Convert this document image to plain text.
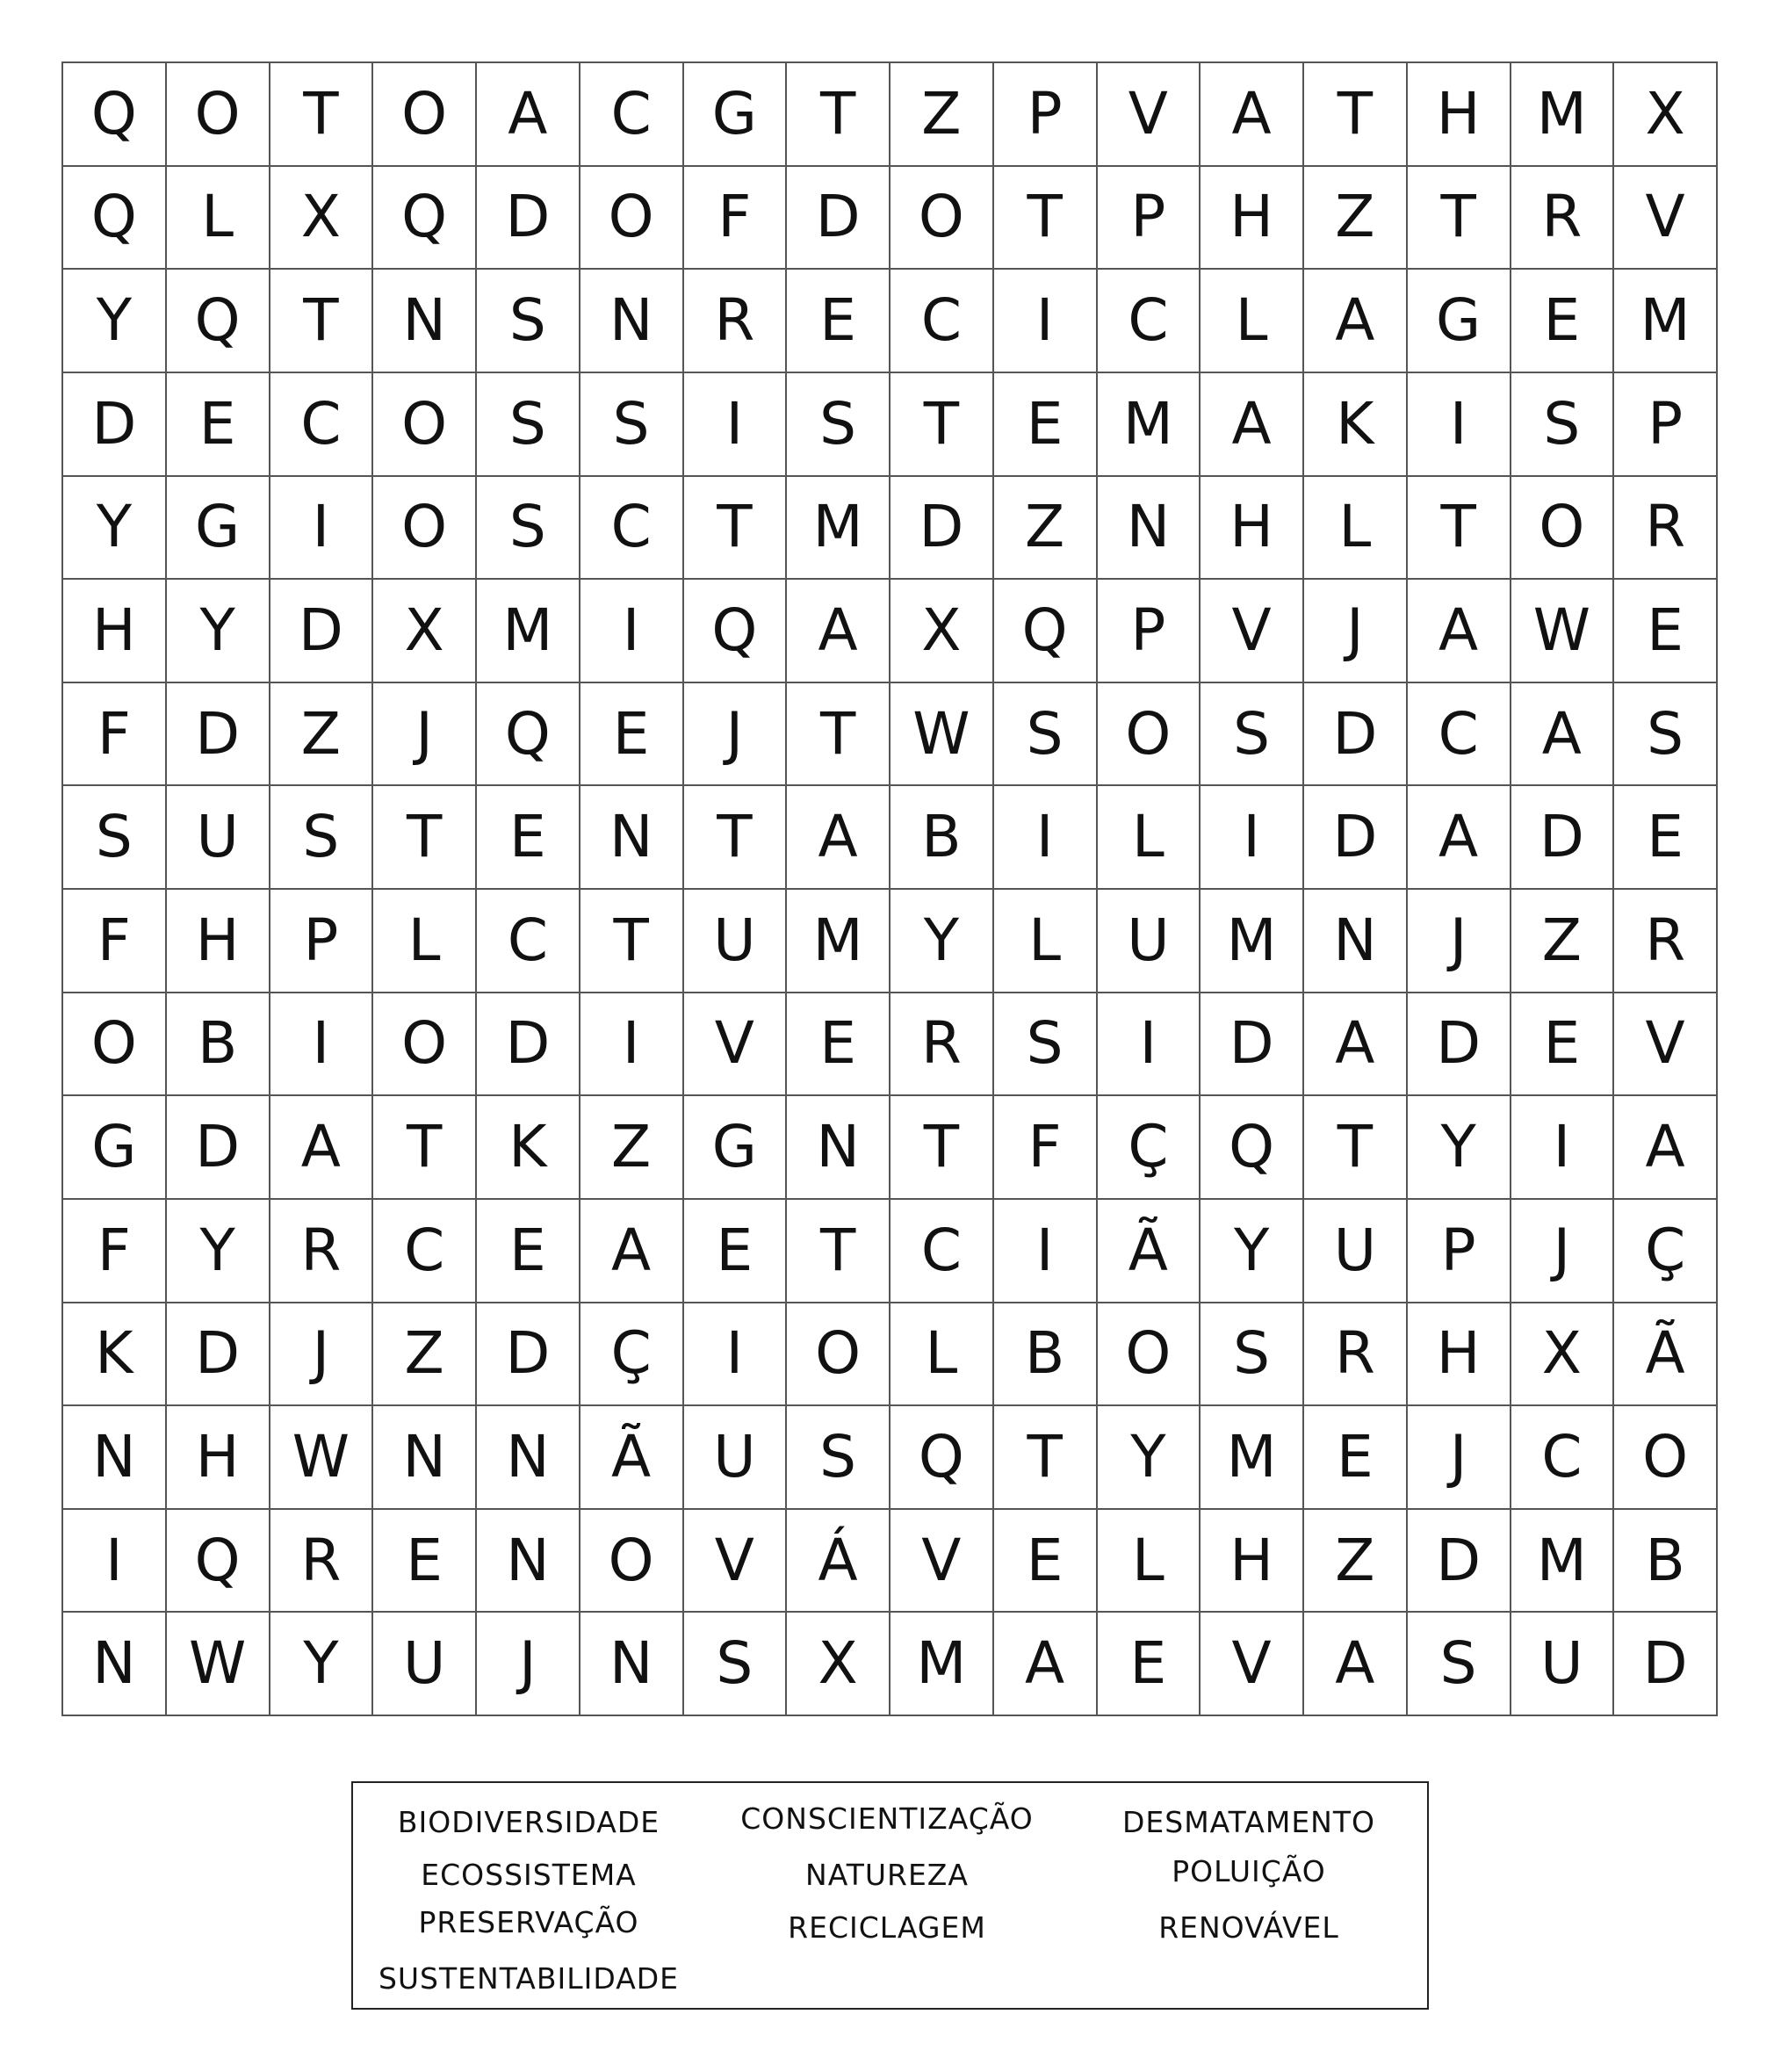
Q O	T	O	A	C	G	T	Z	P	V	A	T	H M	X
Q	L	X	Q	D	O	F	D	O	T	P	H	Z	T	R	V
Y	Q	T	N	S	N	R	E	C	I	C	L	A	G	E	M
D	E	C	O	S	S	I	S	T	E	M	A	K	I	S	P
Y	G	I	O	S	C	T	M D	Z	N	H	L	T	O	R
H	Y	D	X	M	I	Q	A	X	Q	P	V	J	A W E
F	D	Z	J	Q	E	J	T W S	O	S	D	C	A	S
S	U	S	T	E	N	T	A	B	I	L	I	D	A	D	E
F	H	P	L	C	T	U M	Y	L	U M N	J	Z	R
O	B	I	O	D	I	V	E	R	S	I	D	A	D	E	V
G	D	A	T	K	Z	G	N	T	F	Ç	Q	T	Y	I	A
F	Y	R	C	E	A	E	T	C	I	Ã	Y	U	P	J	Ç
K	D	J	Z	D	Ç	I	O	L	B	O	S	R	H	X	Ã
N	H W N	N	Ã	U	S	Q	T	Y	M	E	J	C	O
I	Q	R	E	N	O	V	Á	V	E	L	H	Z	D M	B
N W Y	U	J	N	S	X	M	A	E	V	A	S	U	D
BIODIVERSIDADE	CONSCIENTIZAÇÃO	DESMATAMENTO
ECOSSISTEMA	NATUREZA	POLUIÇÃO
PRESERVAÇÃO	RECICLAGEM	RENOVÁVEL
SUSTENTABILIDADE
